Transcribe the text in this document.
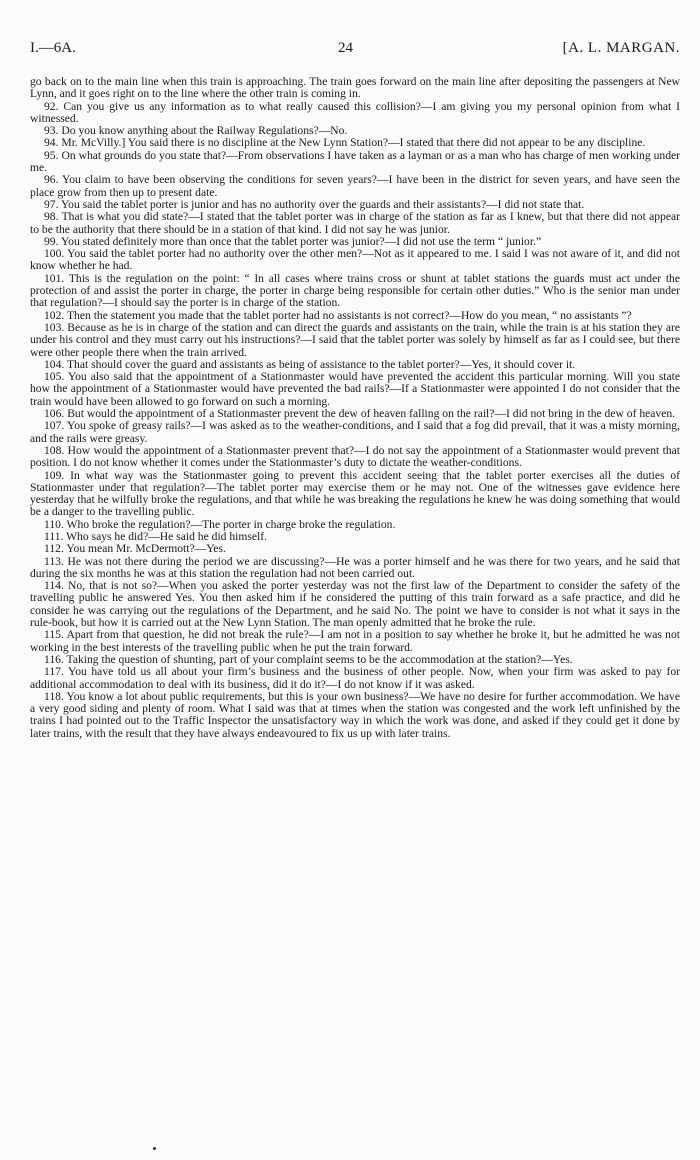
I.—6A.	24	[A. L. MARGAN.

go back on to the main line when this train is approaching. The train goes forward on the main line after depositing the passengers at New Lynn, and it goes right on to the line where the other train is coming in.

92. Can you give us any information as to what really caused this collision?—I am giving you my personal opinion from what I witnessed.

93. Do you know anything about the Railway Regulations?—No.

94. Mr. McVilly.] You said there is no discipline at the New Lynn Station?—I stated that there did not appear to be any discipline.

95. On what grounds do you state that?—From observations I have taken as a layman or as a man who has charge of men working under me.

96. You claim to have been observing the conditions for seven years?—I have been in the district for seven years, and have seen the place grow from then up to present date.

97. You said the tablet porter is junior and has no authority over the guards and their assistants?—I did not state that.

98. That is what you did state?—I stated that the tablet porter was in charge of the station as far as I knew, but that there did not appear to be the authority that there should be in a station of that kind. I did not say he was junior.

99. You stated definitely more than once that the tablet porter was junior?—I did not use the term “ junior.”

100. You said the tablet porter had no authority over the other men?—Not as it appeared to me. I said I was not aware of it, and did not know whether he had.

101. This is the regulation on the point: “ In all cases where trains cross or shunt at tablet stations the guards must act under the protection of and assist the porter in charge, the porter in charge being responsible for certain other duties.” Who is the senior man under that regulation?—I should say the porter is in charge of the station.

102. Then the statement you made that the tablet porter had no assistants is not correct?—How do you mean, “ no assistants ”?

103. Because as he is in charge of the station and can direct the guards and assistants on the train, while the train is at his station they are under his control and they must carry out his instructions?—I said that the tablet porter was solely by himself as far as I could see, but there were other people there when the train arrived.

104. That should cover the guard and assistants as being of assistance to the tablet porter?—Yes, it should cover it.

105. You also said that the appointment of a Stationmaster would have prevented the accident this particular morning. Will you state how the appointment of a Stationmaster would have prevented the bad rails?—If a Stationmaster were appointed I do not consider that the train would have been allowed to go forward on such a morning.

106. But would the appointment of a Stationmaster prevent the dew of heaven falling on the rail?—I did not bring in the dew of heaven.

107. You spoke of greasy rails?—I was asked as to the weather-conditions, and I said that a fog did prevail, that it was a misty morning, and the rails were greasy.

108. How would the appointment of a Stationmaster prevent that?—I do not say the appointment of a Stationmaster would prevent that position. I do not know whether it comes under the Stationmaster’s duty to dictate the weather-conditions.

109. In what way was the Stationmaster going to prevent this accident seeing that the tablet porter exercises all the duties of Stationmaster under that regulation?—The tablet porter may exercise them or he may not. One of the witnesses gave evidence here yesterday that he wilfully broke the regulations, and that while he was breaking the regulations he knew he was doing something that would be a danger to the travelling public.

110. Who broke the regulation?—The porter in charge broke the regulation.

111. Who says he did?—He said he did himself.

112. You mean Mr. McDermott?—Yes.

113. He was not there during the period we are discussing?—He was a porter himself and he was there for two years, and he said that during the six months he was at this station the regulation had not been carried out.

114. No, that is not so?—When you asked the porter yesterday was not the first law of the Department to consider the safety of the travelling public he answered Yes. You then asked him if he considered the putting of this train forward as a safe practice, and did he consider he was carrying out the regulations of the Department, and he said No. The point we have to consider is not what it says in the rule-book, but how it is carried out at the New Lynn Station. The man openly admitted that he broke the rule.

115. Apart from that question, he did not break the rule?—I am not in a position to say whether he broke it, but he admitted he was not working in the best interests of the travelling public when he put the train forward.

116. Taking the question of shunting, part of your complaint seems to be the accommodation at the station?—Yes.

117. You have told us all about your firm’s business and the business of other people. Now, when your firm was asked to pay for additional accommodation to deal with its business, did it do it?—I do not know if it was asked.

118. You know a lot about public requirements, but this is your own business?—We have no desire for further accommodation. We have a very good siding and plenty of room. What I said was that at times when the station was congested and the work left unfinished by the trains I had pointed out to the Traffic Inspector the unsatisfactory way in which the work was done, and asked if they could get it done by later trains, with the result that they have always endeavoured to fix us up with later trains.
